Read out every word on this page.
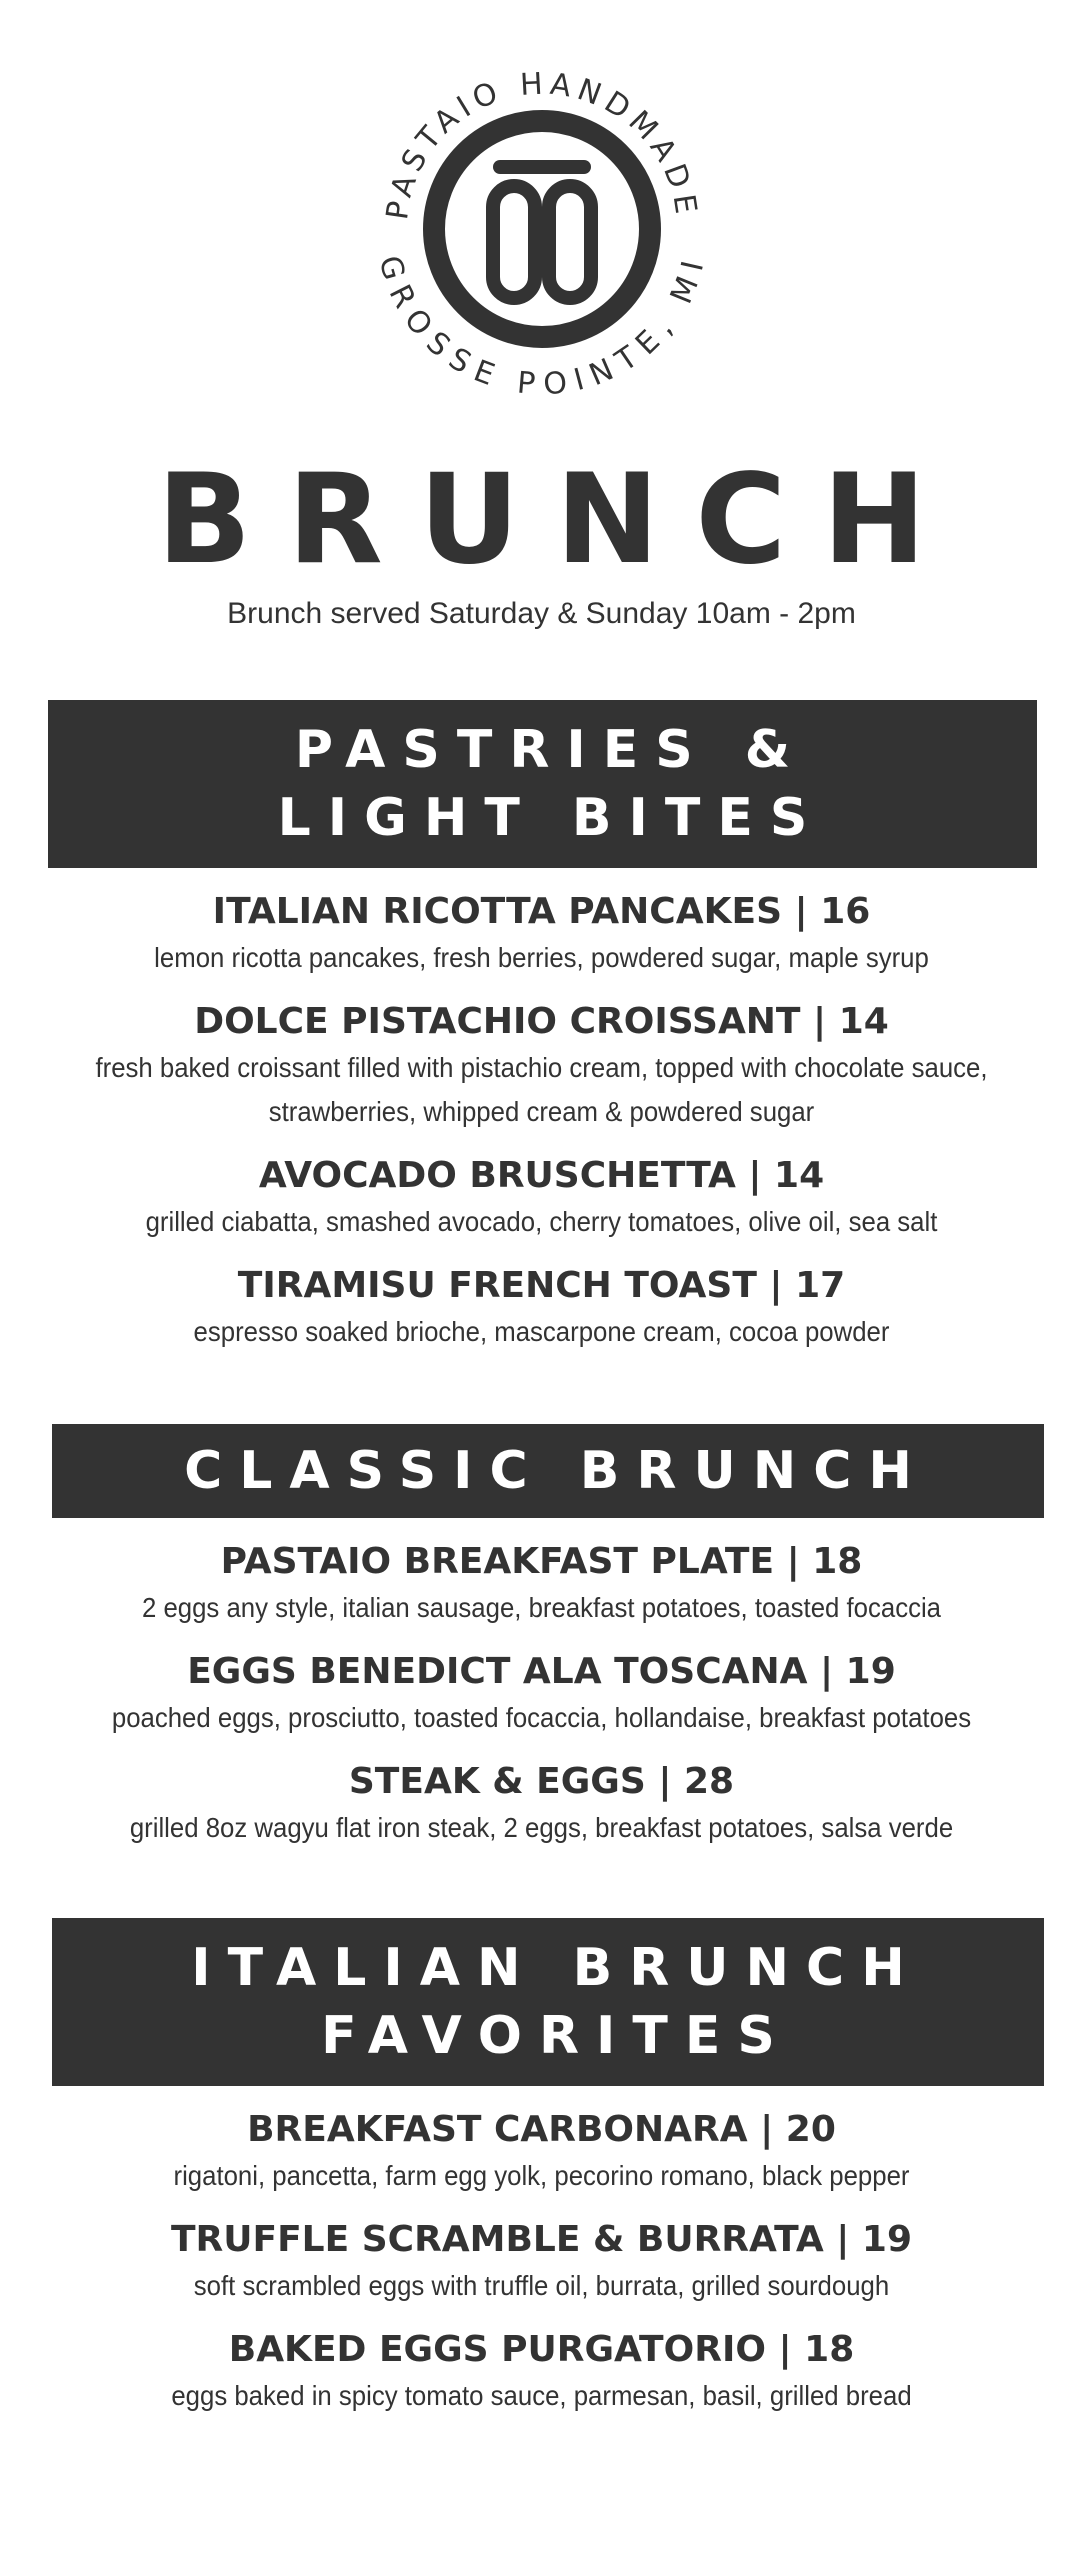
PASTAIO HANDMADE
GROSSE POINTE, MI
BRUNCH
Brunch served Saturday & Sunday 10am - 2pm
PASTRIES &
LIGHT BITES
ITALIAN RICOTTA PANCAKES | 16
lemon ricotta pancakes, fresh berries, powdered sugar, maple syrup
DOLCE PISTACHIO CROISSANT | 14
fresh baked croissant filled with pistachio cream, topped with chocolate sauce,
strawberries, whipped cream & powdered sugar
AVOCADO BRUSCHETTA | 14
grilled ciabatta, smashed avocado, cherry tomatoes, olive oil, sea salt
TIRAMISU FRENCH TOAST | 17
espresso soaked brioche, mascarpone cream, cocoa powder
CLASSIC BRUNCH
PASTAIO BREAKFAST PLATE | 18
2 eggs any style, italian sausage, breakfast potatoes, toasted focaccia
EGGS BENEDICT ALA TOSCANA | 19
poached eggs, prosciutto, toasted focaccia, hollandaise, breakfast potatoes
STEAK & EGGS | 28
grilled 8oz wagyu flat iron steak, 2 eggs, breakfast potatoes, salsa verde
ITALIAN BRUNCH
FAVORITES
BREAKFAST CARBONARA | 20
rigatoni, pancetta, farm egg yolk, pecorino romano, black pepper
TRUFFLE SCRAMBLE & BURRATA | 19
soft scrambled eggs with truffle oil, burrata, grilled sourdough
BAKED EGGS PURGATORIO | 18
eggs baked in spicy tomato sauce, parmesan, basil, grilled bread
